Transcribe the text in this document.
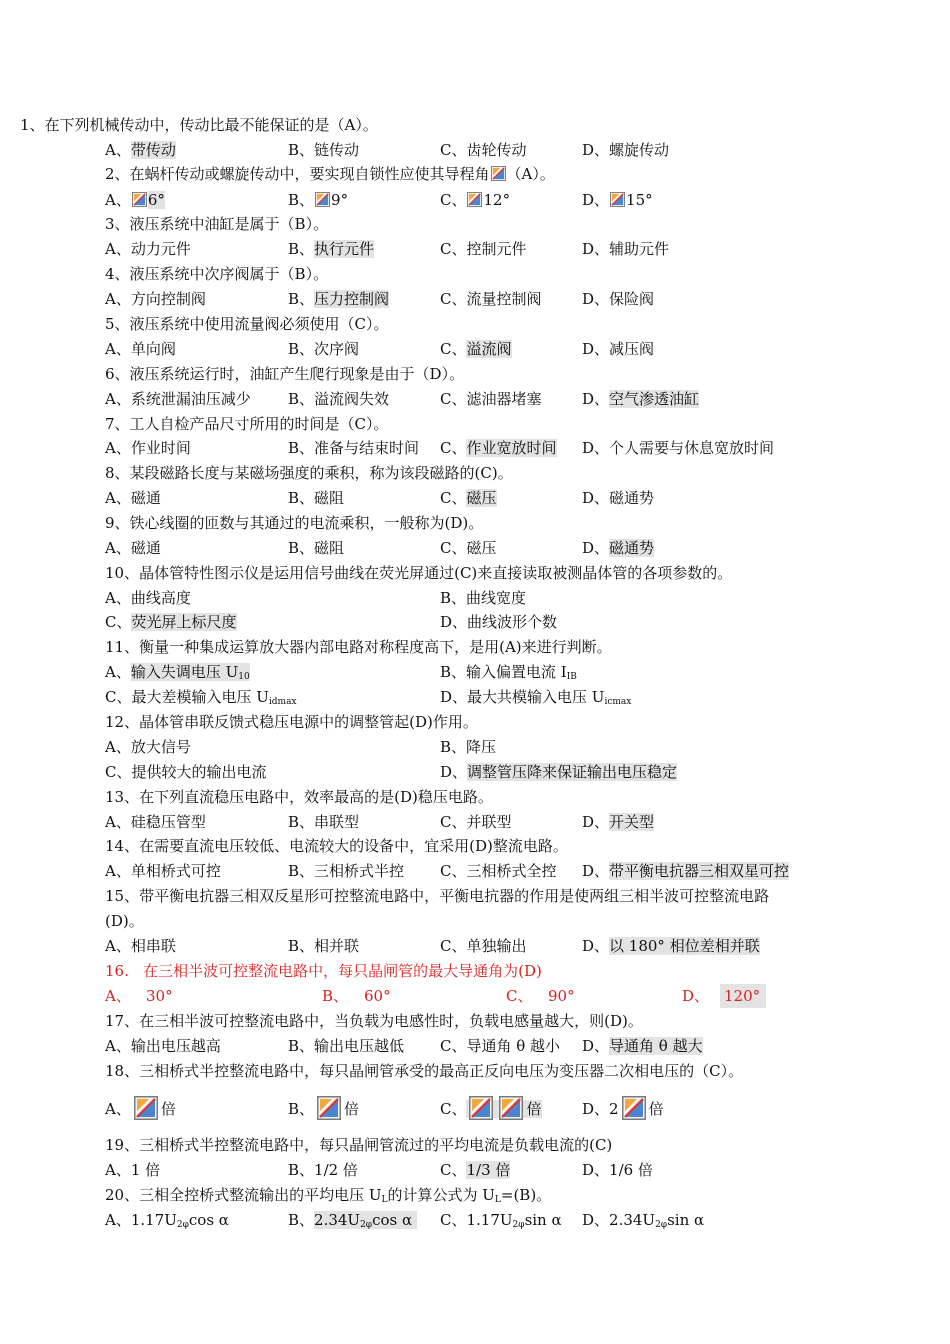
1、在下列机械传动中，传动比最不能保证的是（A）。
A、带传动	B、链传动	C、齿轮传动	D、螺旋传动
2、在蜗杆传动或螺旋传动中，要实现自锁性应使其导程角 （A）。
A、 6°	B、 9°	C、 12°	D、 15°
3、液压系统中油缸是属于（B）。
A、动力元件	B、执行元件	C、控制元件	D、辅助元件
4、液压系统中次序阀属于（B）。
A、方向控制阀	B、压力控制阀	C、流量控制阀	D、保险阀
5、液压系统中使用流量阀必须使用（C）。
A、单向阀	B、次序阀	C、溢流阀	D、减压阀
6、液压系统运行时，油缸产生爬行现象是由于（D）。
A、系统泄漏油压减少 B、溢流阀失效	C、滤油器堵塞	D、空气渗透油缸
7、工人自检产品尺寸所用的时间是（C）。
A、作业时间	B、准备与结束时间 C、作业宽放时间 D、个人需要与休息宽放时间
8、某段磁路长度与某磁场强度的乘积，称为该段磁路的(C)。
A、磁通	B、磁阻	C、磁压	D、磁通势
9、铁心线圈的匝数与其通过的电流乘积，一般称为(D)。
A、磁通	B、磁阻	C、磁压	D、磁通势
10、晶体管特性图示仪是运用信号曲线在荧光屏通过(C)来直接读取被测晶体管的各项参数的。
A、曲线高度	B、曲线宽度
C、荧光屏上标尺度	D、曲线波形个数
11、衡量一种集成运算放大器内部电路对称程度高下，是用(A)来进行判断。
A、输入失调电压 $U_{10}$	B、输入偏置电流 $I_{IB}$
C、最大差模输入电压 $U_{idmax}$	D、最大共模输入电压 $U_{icmax}$
12、晶体管串联反馈式稳压电源中的调整管起(D)作用。
A、放大信号	B、降压
C、提供较大的输出电流	D、调整管压降来保证输出电压稳定
13、在下列直流稳压电路中，效率最高的是(D)稳压电路。
A、硅稳压管型	B、串联型	C、并联型	D、开关型
14、在需要直流电压较低、电流较大的设备中，宜采用(D)整流电路。
A、单相桥式可控	B、三相桥式半控 C、三相桥式全控 D、带平衡电抗器三相双星可控
15、带平衡电抗器三相双反星形可控整流电路中，平衡电抗器的作用是使两组三相半波可控整流电路
(D)。
A、相串联	B、相并联	C、单独输出	D、以 180° 相位差相并联
16.   在三相半波可控整流电路中，每只晶闸管的最大导通角为(D)
A、 30°	B、 60°	C、 90°	D、 120°
17、在三相半波可控整流电路中，当负载为电感性时，负载电感量越大，则(D)。
A、输出电压越高	B、输出电压越低 C、导通角 θ 越小 D、导通角 θ 越大
18、三相桥式半控整流电路中，每只晶闸管承受的最高正反向电压为变压器二次相电压的（C）。
A、 倍	B、 倍	C、	倍	D、2 倍
19、三相桥式半控整流电路中，每只晶闸管流过的平均电流是负载电流的(C)
A、1 倍	B、1/2 倍	C、1/3 倍	D、1/6 倍
20、三相全控桥式整流输出的平均电压 $U_L$的计算公式为 $U_L=(B)$。
A、$1.17U_{2\varphi}\cos$ α	B、$2.34U_{2\varphi}\cos$ α	C、$1.17U_{2\varphi}\sin$ α D、$2.34U_{2\varphi}\sin$ α
